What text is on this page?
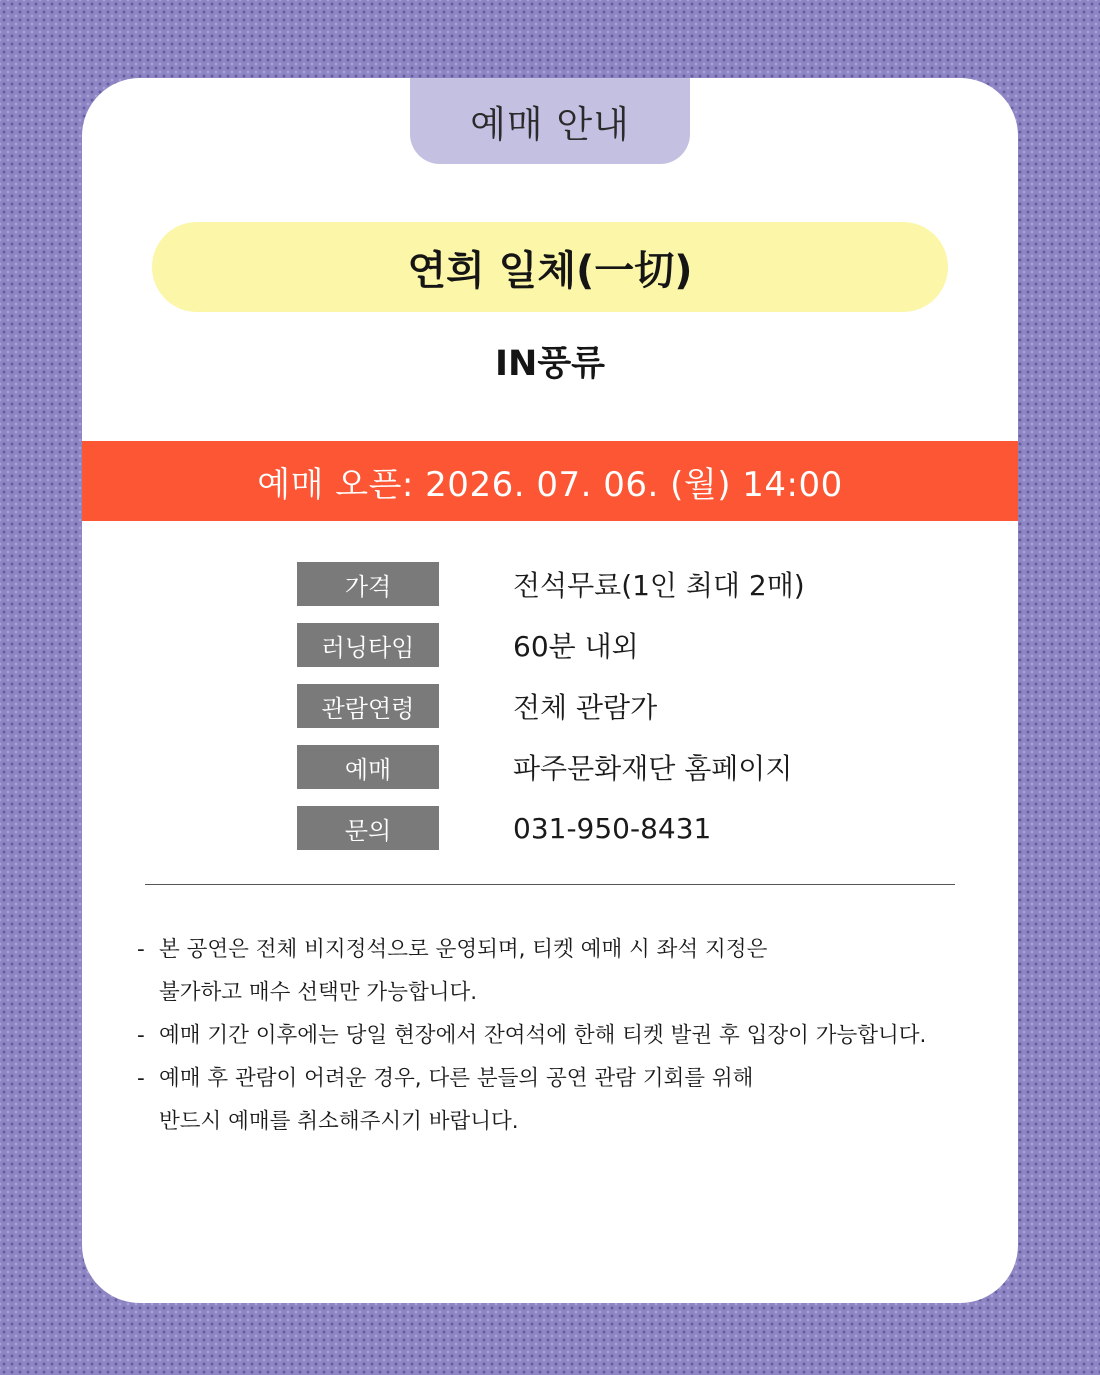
예매 안내
연희 일체(一切)
IN풍류
예매 오픈: 2026. 07. 06. (월) 14:00
가격	전석무료(1인 최대 2매)
러닝타임	60분 내외
관람연령	전체 관람가
예매	파주문화재단 홈페이지
문의	031-950-8431
- 본 공연은 전체 비지정석으로 운영되며, 티켓 예매 시 좌석 지정은
불가하고 매수 선택만 가능합니다.
- 예매 기간 이후에는 당일 현장에서 잔여석에 한해 티켓 발권 후 입장이 가능합니다.
- 예매 후 관람이 어려운 경우, 다른 분들의 공연 관람 기회를 위해
반드시 예매를 취소해주시기 바랍니다.
